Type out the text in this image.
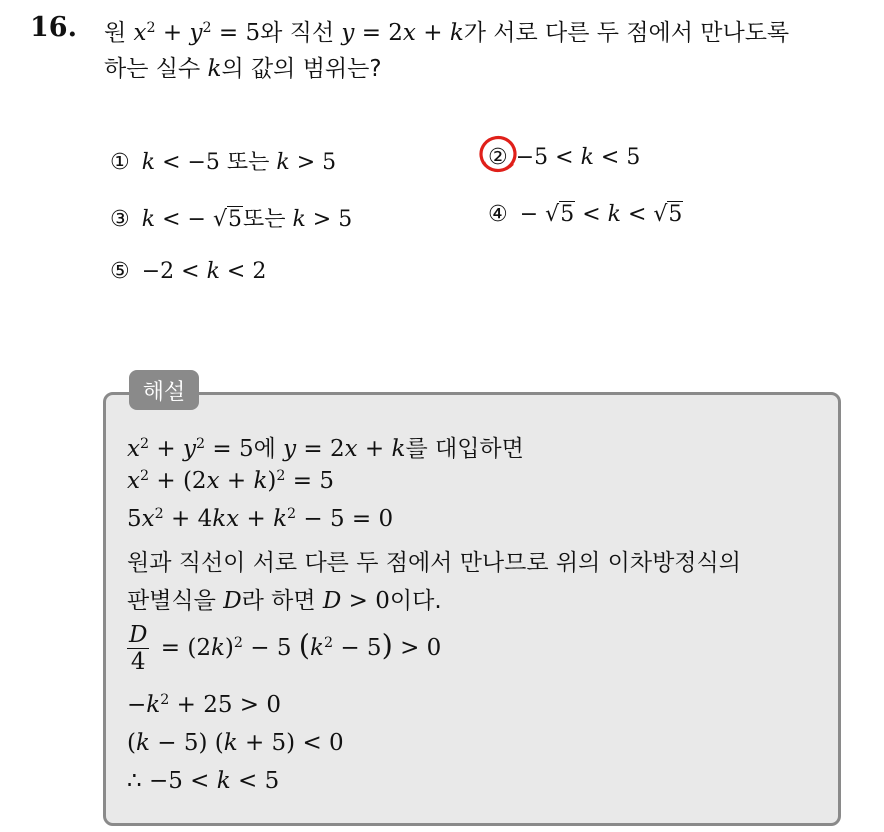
16. 원 $x^2 + y^2 = 5$와 직선 y = 2x + k가 서로 다른 두 점에서 만나도록
하는 실수 k의 값의 범위는?
① k < −5 또는 k > 5	② −5 < k < 5
③ k < − √5또는 k > 5	④ − √5 < k < √5
⑤ −2 < k < 2
해설
$x^2 + y^2 = 5$에 y = 2x + k를 대입하면
$x^2 + (2x + k)^2 = 5$
$5x^2 + 4kx + k^2 - 5 = 0$
원과 직선이 서로 다른 두 점에서 만나므로 위의 이차방정식의
판별식을 D라 하면 D > 0이다.
$\frac{D}{4} = (2k)^2 - 5$ $(k^2 - 5) > 0$
$-k^2 + 25 > 0$
(k − 5) (k + 5) < 0
∴ −5 < k < 5
